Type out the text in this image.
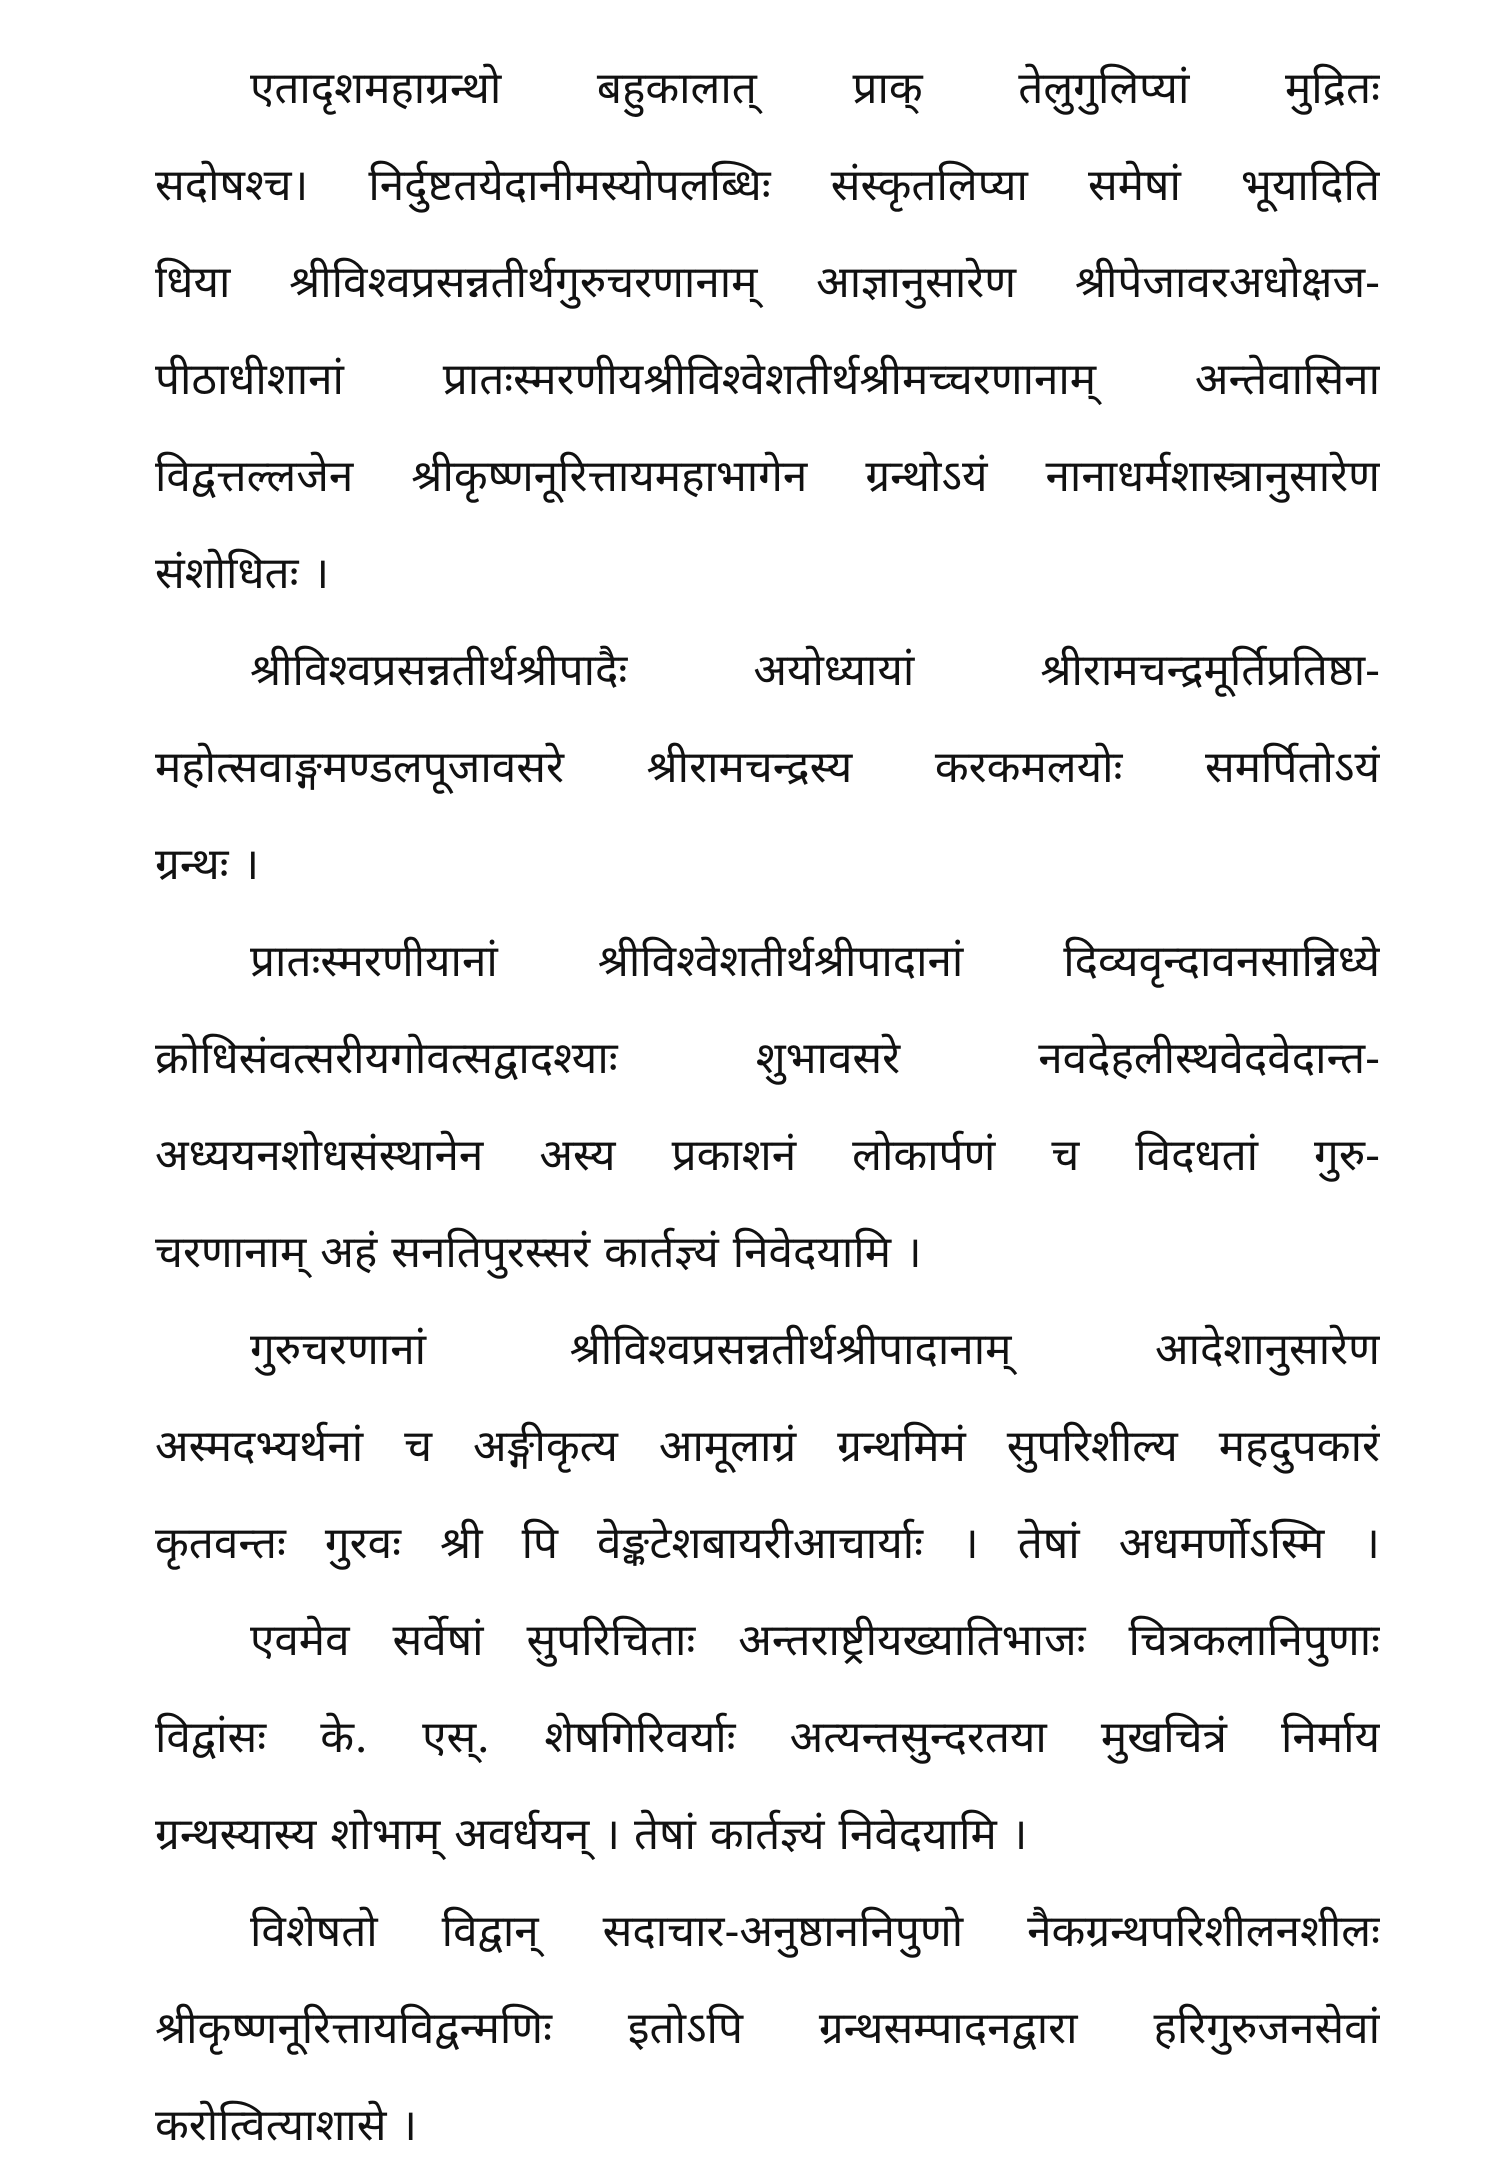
एतादृशमहाग्रन्थो बहुकालात् प्राक् तेलुगुलिप्यां मुद्रितः
सदोषश्च। निर्दुष्टतयेदानीमस्योपलब्धिः संस्कृतलिप्या समेषां भूयादिति
धिया श्रीविश्वप्रसन्नतीर्थगुरुचरणानाम् आज्ञानुसारेण श्रीपेजावरअधोक्षज-
पीठाधीशानां प्रातःस्मरणीयश्रीविश्वेशतीर्थश्रीमच्चरणानाम् अन्तेवासिना
विद्वत्तल्लजेन श्रीकृष्णनूरित्तायमहाभागेन ग्रन्थोऽयं नानाधर्मशास्त्रानुसारेण
संशोधितः ।
श्रीविश्वप्रसन्नतीर्थश्रीपादैः अयोध्यायां श्रीरामचन्द्रमूर्तिप्रतिष्ठा-
महोत्सवाङ्गमण्डलपूजावसरे श्रीरामचन्द्रस्य करकमलयोः समर्पितोऽयं
ग्रन्थः ।
प्रातःस्मरणीयानां श्रीविश्वेशतीर्थश्रीपादानां दिव्यवृन्दावनसान्निध्ये
क्रोधिसंवत्सरीयगोवत्सद्वादश्याः शुभावसरे नवदेहलीस्थवेदवेदान्त-
अध्ययनशोधसंस्थानेन अस्य प्रकाशनं लोकार्पणं च विदधतां गुरु-
चरणानाम् अहं सनतिपुरस्सरं कार्तज्ञ्यं निवेदयामि ।
गुरुचरणानां श्रीविश्वप्रसन्नतीर्थश्रीपादानाम् आदेशानुसारेण
अस्मदभ्यर्थनां च अङ्गीकृत्य आमूलाग्रं ग्रन्थमिमं सुपरिशील्य महदुपकारं
कृतवन्तः गुरवः श्री पि वेङ्कटेशबायरीआचार्याः । तेषां अधमर्णोऽस्मि ।
एवमेव सर्वेषां सुपरिचिताः अन्तराष्ट्रीयख्यातिभाजः चित्रकलानिपुणाः
विद्वांसः के. एस्. शेषगिरिवर्याः अत्यन्तसुन्दरतया मुखचित्रं निर्माय
ग्रन्थस्यास्य शोभाम् अवर्धयन् । तेषां कार्तज्ञ्यं निवेदयामि ।
विशेषतो विद्वान् सदाचार-अनुष्ठाननिपुणो नैकग्रन्थपरिशीलनशीलः
श्रीकृष्णनूरित्तायविद्वन्मणिः इतोऽपि ग्रन्थसम्पादनद्वारा हरिगुरुजनसेवां
करोत्वित्याशासे ।
